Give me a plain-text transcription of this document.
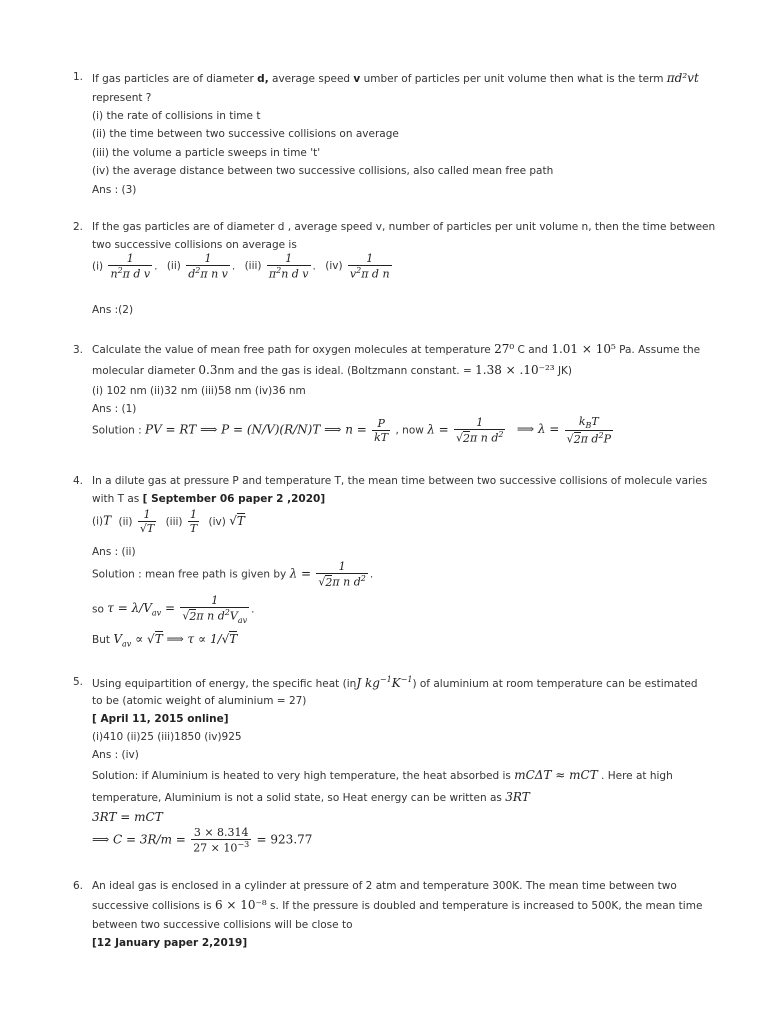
1. If gas particles are of diameter d, average speed v umber of particles per unit volume then what is the term πd²vt
represent ?
(i) the rate of collisions in time t
(ii) the time between two successive collisions on average
(iii) the volume a particle sweeps in time 't'
(iv) the average distance between two successive collisions, also called mean free path
Ans : (3)
2. If the gas particles are of diameter d , average speed v, number of particles per unit volume n, then the time between
two successive collisions on average is
$(i) \frac{1}{n^2\pi d v}$ . $(ii) \frac{1}{d^2\pi n v}$ . $(iii) \frac{1}{\pi^2n d v}$ . $(iv) \frac{1}{v^2\pi d n}$
Ans :(2)
3. Calculate the value of mean free path for oxygen molecules at temperature 27⁰ C and 1.01 × 10⁵ Pa. Assume the
molecular diameter 0.3nm and the gas is ideal. (Boltzmann constant. = 1.38 × .10⁻²³ JK)
(i) 102 nm (ii)32 nm (iii)58 nm (iv)36 nm
Ans : (1)
Solution : PV = RT ⟹ P = (N/V)(R/N)T ⟹ $n = \frac{P}{kT}$ , now $\lambda = \frac{1}{√2\pi n d^2}$ ⟹ $\lambda = \frac{k_BT}{√2\pi d^2P}$
4. In a dilute gas at pressure P and temperature T, the mean time between two successive collisions of molecule varies
with T as [ September 06 paper 2 ,2020]
(i)T $(ii) \frac{1}{√T} (iii) \frac{1}{T} (iv)$ √T
Ans : (ii)
Solution : mean free path is given by $\lambda = \frac{1}{√2\pi n d^2}$ .
so $\tau = \lambda/V_{av} = \frac{1}{√2\pi n d^2V_{av}}$ .
But $V_{av} \propto √T$ ⟹ τ ∝ 1/√T
5. Using equipartition of energy, the specific heat (inJ $kg^{-1}K^{-1}$) of aluminium at room temperature can be estimated
to be (atomic weight of aluminium = 27)
[ April 11, 2015 online]
(i)410 (ii)25 (iii)1850 (iv)925
Ans : (iv)
Solution: if Aluminium is heated to very high temperature, the heat absorbed is mCΔT ≈ mCT . Here at high
temperature, Aluminium is not a solid state, so Heat energy can be written as 3RT
3RT = mCT
⟹ $C = 3R/m = \frac{3 \times 8.314}{27 \times 10^{-3}} = 923.77$
6. An ideal gas is enclosed in a cylinder at pressure of 2 atm and temperature 300K. The mean time between two
successive collisions is 6 × 10⁻⁸ s. If the pressure is doubled and temperature is increased to 500K, the mean time
between two successive collisions will be close to
[12 January paper 2,2019]
